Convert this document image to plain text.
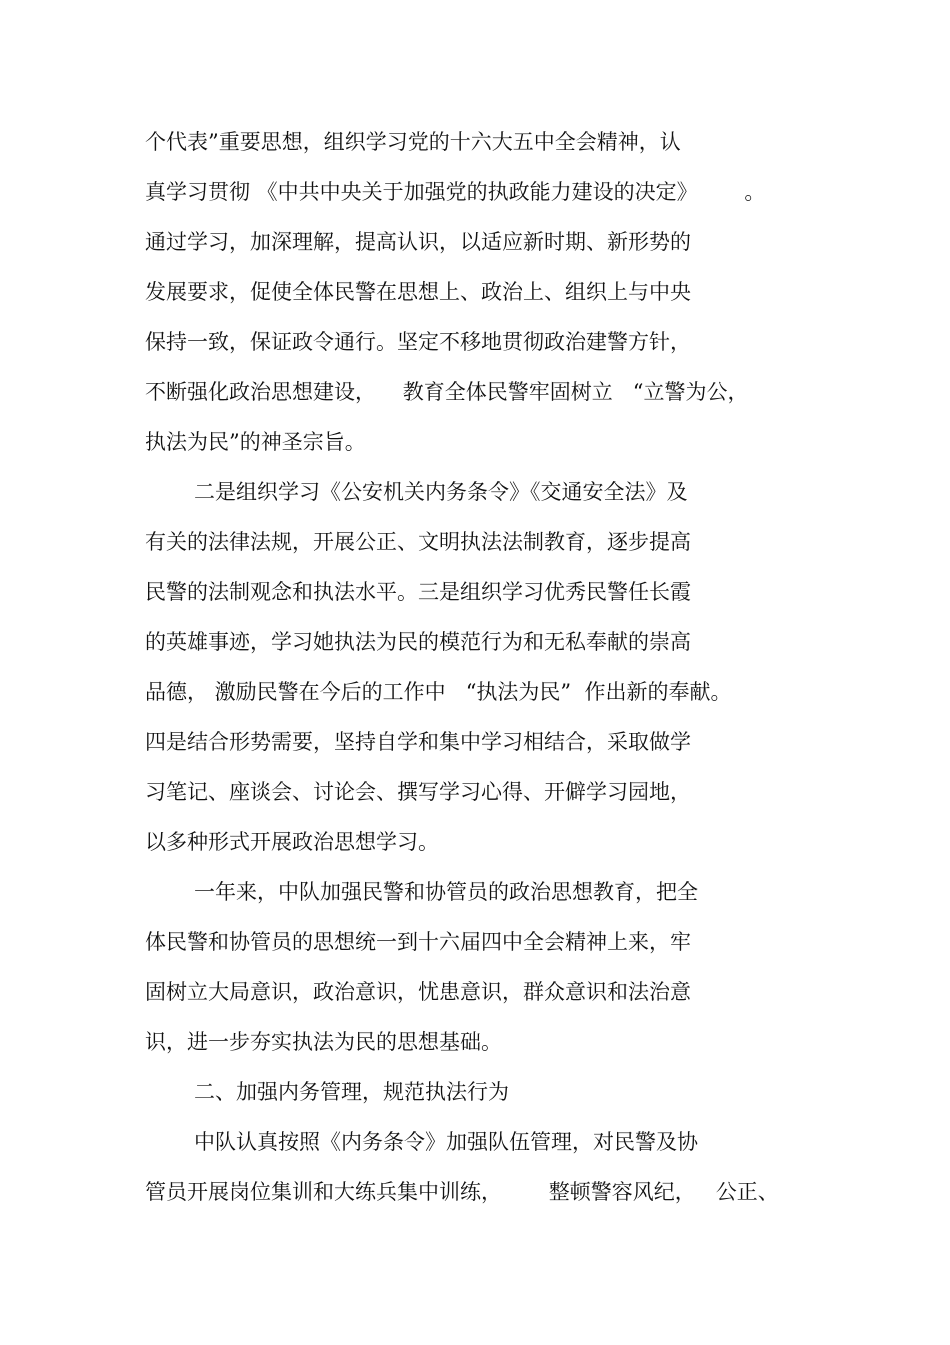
个代表”重要思想，组织学习党的十六大五中全会精神，认
真学习贯彻 《中共中央关于加强党的执政能力建设的决定》       。
通过学习，加深理解，提高认识，以适应新时期、新形势的
发展要求，促使全体民警在思想上、政治上、组织上与中央
保持一致，保证政令通行。坚定不移地贯彻政治建警方针，
不断强化政治思想建设，    教育全体民警牢固树立   “立警为公，
执法为民”的神圣宗旨。
二是组织学习《公安机关内务条令》《交通安全法》及
有关的法律法规，开展公正、文明执法法制教育，逐步提高
民警的法制观念和执法水平。三是组织学习优秀民警任长霞
的英雄事迹，学习她执法为民的模范行为和无私奉献的崇高
品德， 激励民警在今后的工作中   “执法为民”  作出新的奉献。
四是结合形势需要，坚持自学和集中学习相结合，采取做学
习笔记、座谈会、讨论会、撰写学习心得、开僻学习园地，
以多种形式开展政治思想学习。
一年来，中队加强民警和协管员的政治思想教育，把全
体民警和协管员的思想统一到十六届四中全会精神上来，牢
固树立大局意识，政治意识，忧患意识，群众意识和法治意
识，进一步夯实执法为民的思想基础。
二、加强内务管理，规范执法行为
中队认真按照《内务条令》加强队伍管理，对民警及协
管员开展岗位集训和大练兵集中训练，       整顿警容风纪，   公正、
